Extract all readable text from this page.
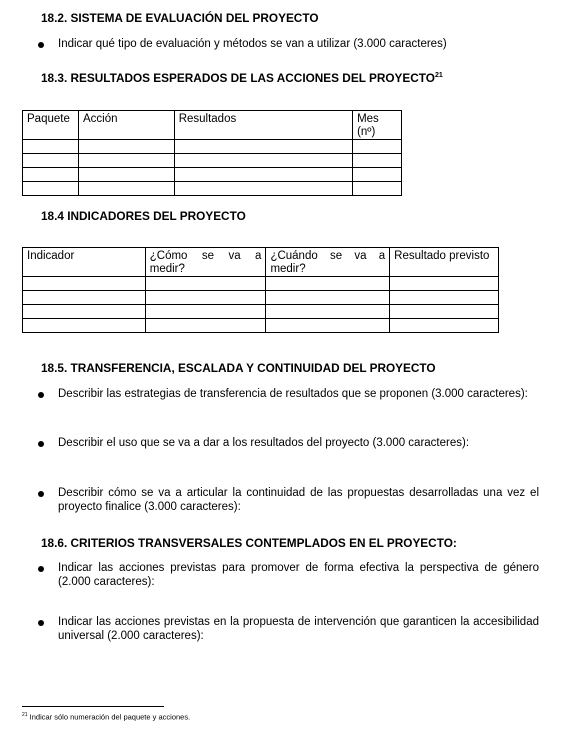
18.2. SISTEMA DE EVALUACIÓN DEL PROYECTO
Indicar qué tipo de evaluación y métodos se van a utilizar (3.000 caracteres)
18.3. RESULTADOS ESPERADOS DE LAS ACCIONES DEL PROYECTO$^{21}$
Paquete	Acción	Resultados	Mes (nº)

18.4 INDICADORES DEL PROYECTO
Indicador	¿Cómo se va a medir?	¿Cuándo se va a medir?	Resultado previsto

18.5. TRANSFERENCIA, ESCALADA Y CONTINUIDAD DEL PROYECTO
Describir las estrategias de transferencia de resultados que se proponen (3.000 caracteres):
Describir el uso que se va a dar a los resultados del proyecto (3.000 caracteres):
Describir cómo se va a articular la continuidad de las propuestas desarrolladas una vez el proyecto finalice (3.000 caracteres):
18.6. CRITERIOS TRANSVERSALES CONTEMPLADOS EN EL PROYECTO:
Indicar las acciones previstas para promover de forma efectiva la perspectiva de género (2.000 caracteres):
Indicar las acciones previstas en la propuesta de intervención que garanticen la accesibilidad universal (2.000 caracteres):
$^{21}$ Indicar sólo numeración del paquete y acciones.
